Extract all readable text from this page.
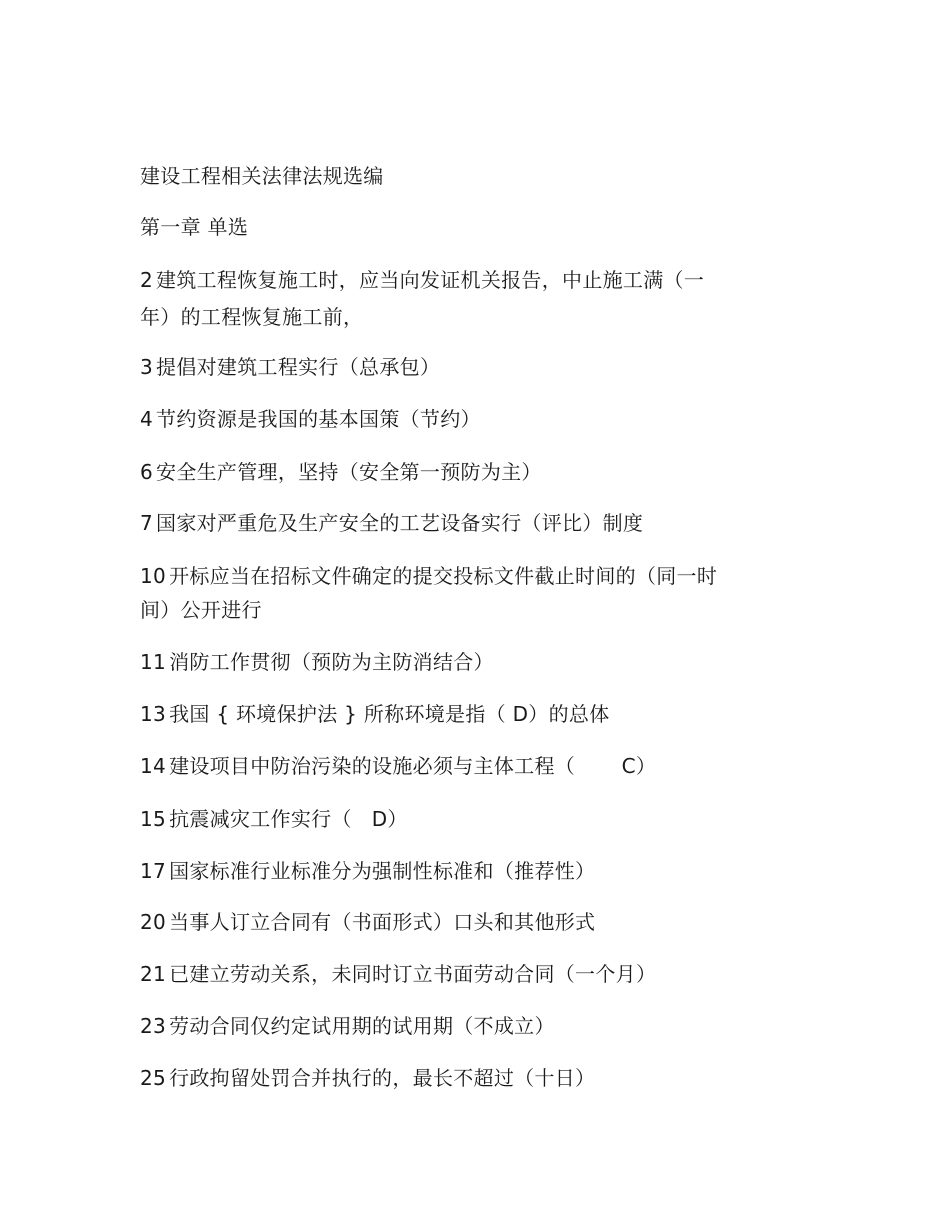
建设工程相关法律法规选编
第一章 单选
2 建筑工程恢复施工时，应当向发证机关报告，中止施工满（一
年）的工程恢复施工前，
3 提倡对建筑工程实行（总承包）
4 节约资源是我国的基本国策（节约）
6 安全生产管理，坚持（安全第一预防为主）
7 国家对严重危及生产安全的工艺设备实行（评比）制度
10 开标应当在招标文件确定的提交投标文件截止时间的（同一时
间）公开进行
11 消防工作贯彻（预防为主防消结合）
13 我国 { 环境保护法 } 所称环境是指（ D）的总体
14 建设项目中防治污染的设施必须与主体工程（       C）
15 抗震减灾工作实行（   D）
17 国家标准行业标准分为强制性标准和（推荐性）
20 当事人订立合同有（书面形式）口头和其他形式
21 已建立劳动关系，未同时订立书面劳动合同（一个月）
23 劳动合同仅约定试用期的试用期（不成立）
25 行政拘留处罚合并执行的，最长不超过（十日）
